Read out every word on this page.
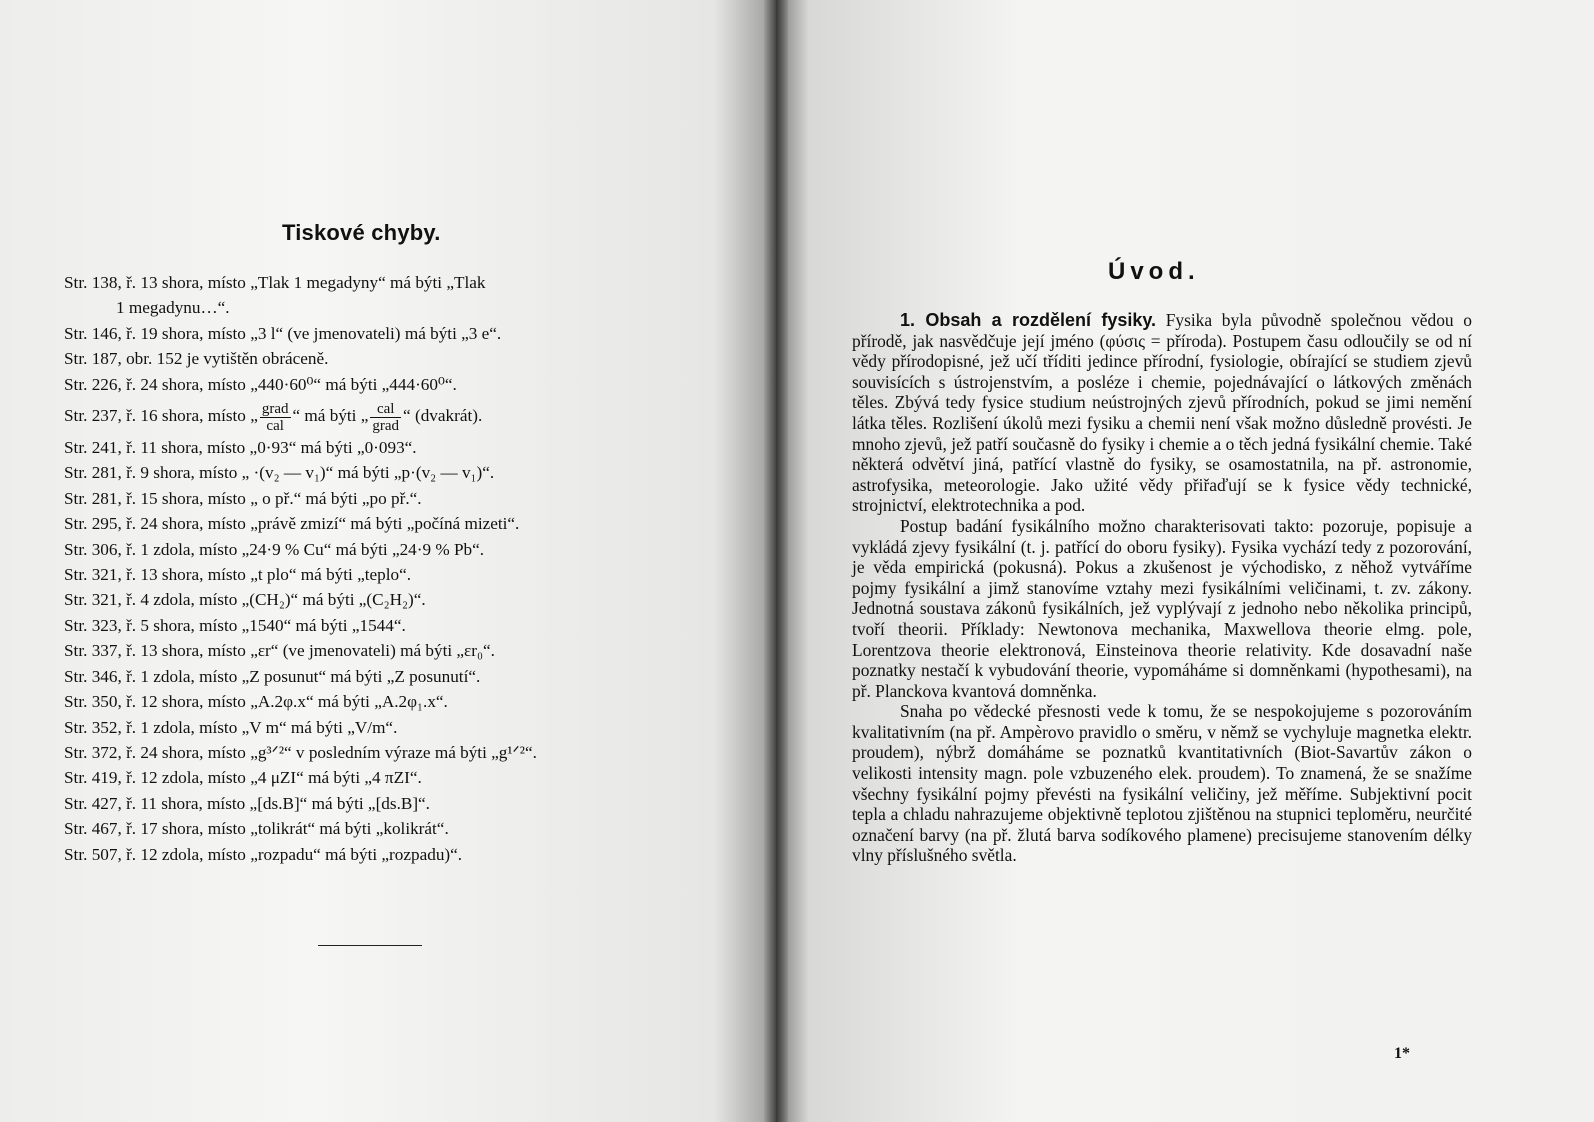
Tiskové chyby.
Str. 138, ř. 13 shora, místo „Tlak 1 megadyny“ má býti „Tlak
1 megadynu…“.
Str. 146, ř. 19 shora, místo „3 l“ (ve jmenovateli) má býti „3 e“.
Str. 187, obr. 152 je vytištěn obráceně.
Str. 226, ř. 24 shora, místo „440·60⁰“ má býti „444·60⁰“.
Str. 237, ř. 16 shora, místo „ $\frac{\text{grad}}{\text{cal}}$ “ má býti „ $\frac{\text{cal}}{\text{grad}}$ “ (dvakrát).
Str. 241, ř. 11 shora, místo „0·93“ má býti „0·093“.
Str. 281, ř. 9 shora, místo „ ·(v₂ — v₁)“ má býti „p·(v₂ — v₁)“.
Str. 281, ř. 15 shora, místo „ o př.“ má býti „po př.“.
Str. 295, ř. 24 shora, místo „právě zmizí“ má býti „počíná mizeti“.
Str. 306, ř. 1 zdola, místo „24·9 % Cu“ má býti „24·9 % Pb“.
Str. 321, ř. 13 shora, místo „t plo“ má býti „teplo“.
Str. 321, ř. 4 zdola, místo „(CH₂)“ má býti „(C₂H₂)“.
Str. 323, ř. 5 shora, místo „1540“ má býti „1544“.
Str. 337, ř. 13 shora, místo „εr“ (ve jmenovateli) má býti „εr₀“.
Str. 346, ř. 1 zdola, místo „Z posunut“ má býti „Z posunutí“.
Str. 350, ř. 12 shora, místo „A.2φ.x“ má býti „A.2φ₁.x“.
Str. 352, ř. 1 zdola, místo „V m“ má býti „V/m“.
Str. 372, ř. 24 shora, místo „g³ᐟ²“ v posledním výraze má býti „g¹ᐟ²“.
Str. 419, ř. 12 zdola, místo „4 μZI“ má býti „4 πZI“.
Str. 427, ř. 11 shora, místo „[ds.B]“ má býti „[ds.B]“.
Str. 467, ř. 17 shora, místo „tolikrát“ má býti „kolikrát“.
Str. 507, ř. 12 zdola, místo „rozpadu“ má býti „rozpadu)“.
Úvod.

1. Obsah a rozdělení fysiky. Fysika byla původně společnou vědou o přírodě, jak nasvědčuje její jméno (φύσις = příroda). Postupem času odloučily se od ní vědy přírodopisné, jež učí tříditi jedince přírodní, fysiologie, obírající se studiem zjevů souvisících s ústrojenstvím, a posléze i chemie, pojednávající o látkových změnách těles. Zbývá tedy fysice studium neústrojných zjevů přírodních, pokud se jimi nemění látka těles. Rozlišení úkolů mezi fysiku a chemii není však možno důsledně provésti. Je mnoho zjevů, jež patří současně do fysiky i chemie a o těch jedná fysikální chemie. Také některá odvětví jiná, patřící vlastně do fysiky, se osamostatnila, na př. astronomie, astrofysika, meteorologie. Jako užité vědy přiřaďují se k fysice vědy technické, strojnictví, elektrotechnika a pod.

Postup badání fysikálního možno charakterisovati takto: pozoruje, popisuje a vykládá zjevy fysikální (t. j. patřící do oboru fysiky). Fysika vychází tedy z pozorování, je věda empirická (pokusná). Pokus a zkušenost je východisko, z něhož vytváříme pojmy fysikální a jimž stanovíme vztahy mezi fysikálními veličinami, t. zv. zákony. Jednotná soustava zákonů fysikálních, jež vyplývají z jednoho nebo několika principů, tvoří theorii. Příklady: Newtonova mechanika, Maxwellova theorie elmg. pole, Lorentzova theorie elektronová, Einsteinova theorie relativity. Kde dosavadní naše poznatky nestačí k vybudování theorie, vypomáháme si domněnkami (hypothesami), na př. Planckova kvantová domněnka.

Snaha po vědecké přesnosti vede k tomu, že se nespokojujeme s pozorováním kvalitativním (na př. Ampèrovo pravidlo o směru, v němž se vychyluje magnetka elektr. proudem), nýbrž domáháme se poznatků kvantitativních (Biot-Savartův zákon o velikosti intensity magn. pole vzbuzeného elek. proudem). To znamená, že se snažíme všechny fysikální pojmy převésti na fysikální veličiny, jež měříme. Subjektivní pocit tepla a chladu nahrazujeme objektivně teplotou zjištěnou na stupnici teploměru, neurčité označení barvy (na př. žlutá barva sodíkového plamene) precisujeme stanovením délky vlny příslušného světla.

1*
